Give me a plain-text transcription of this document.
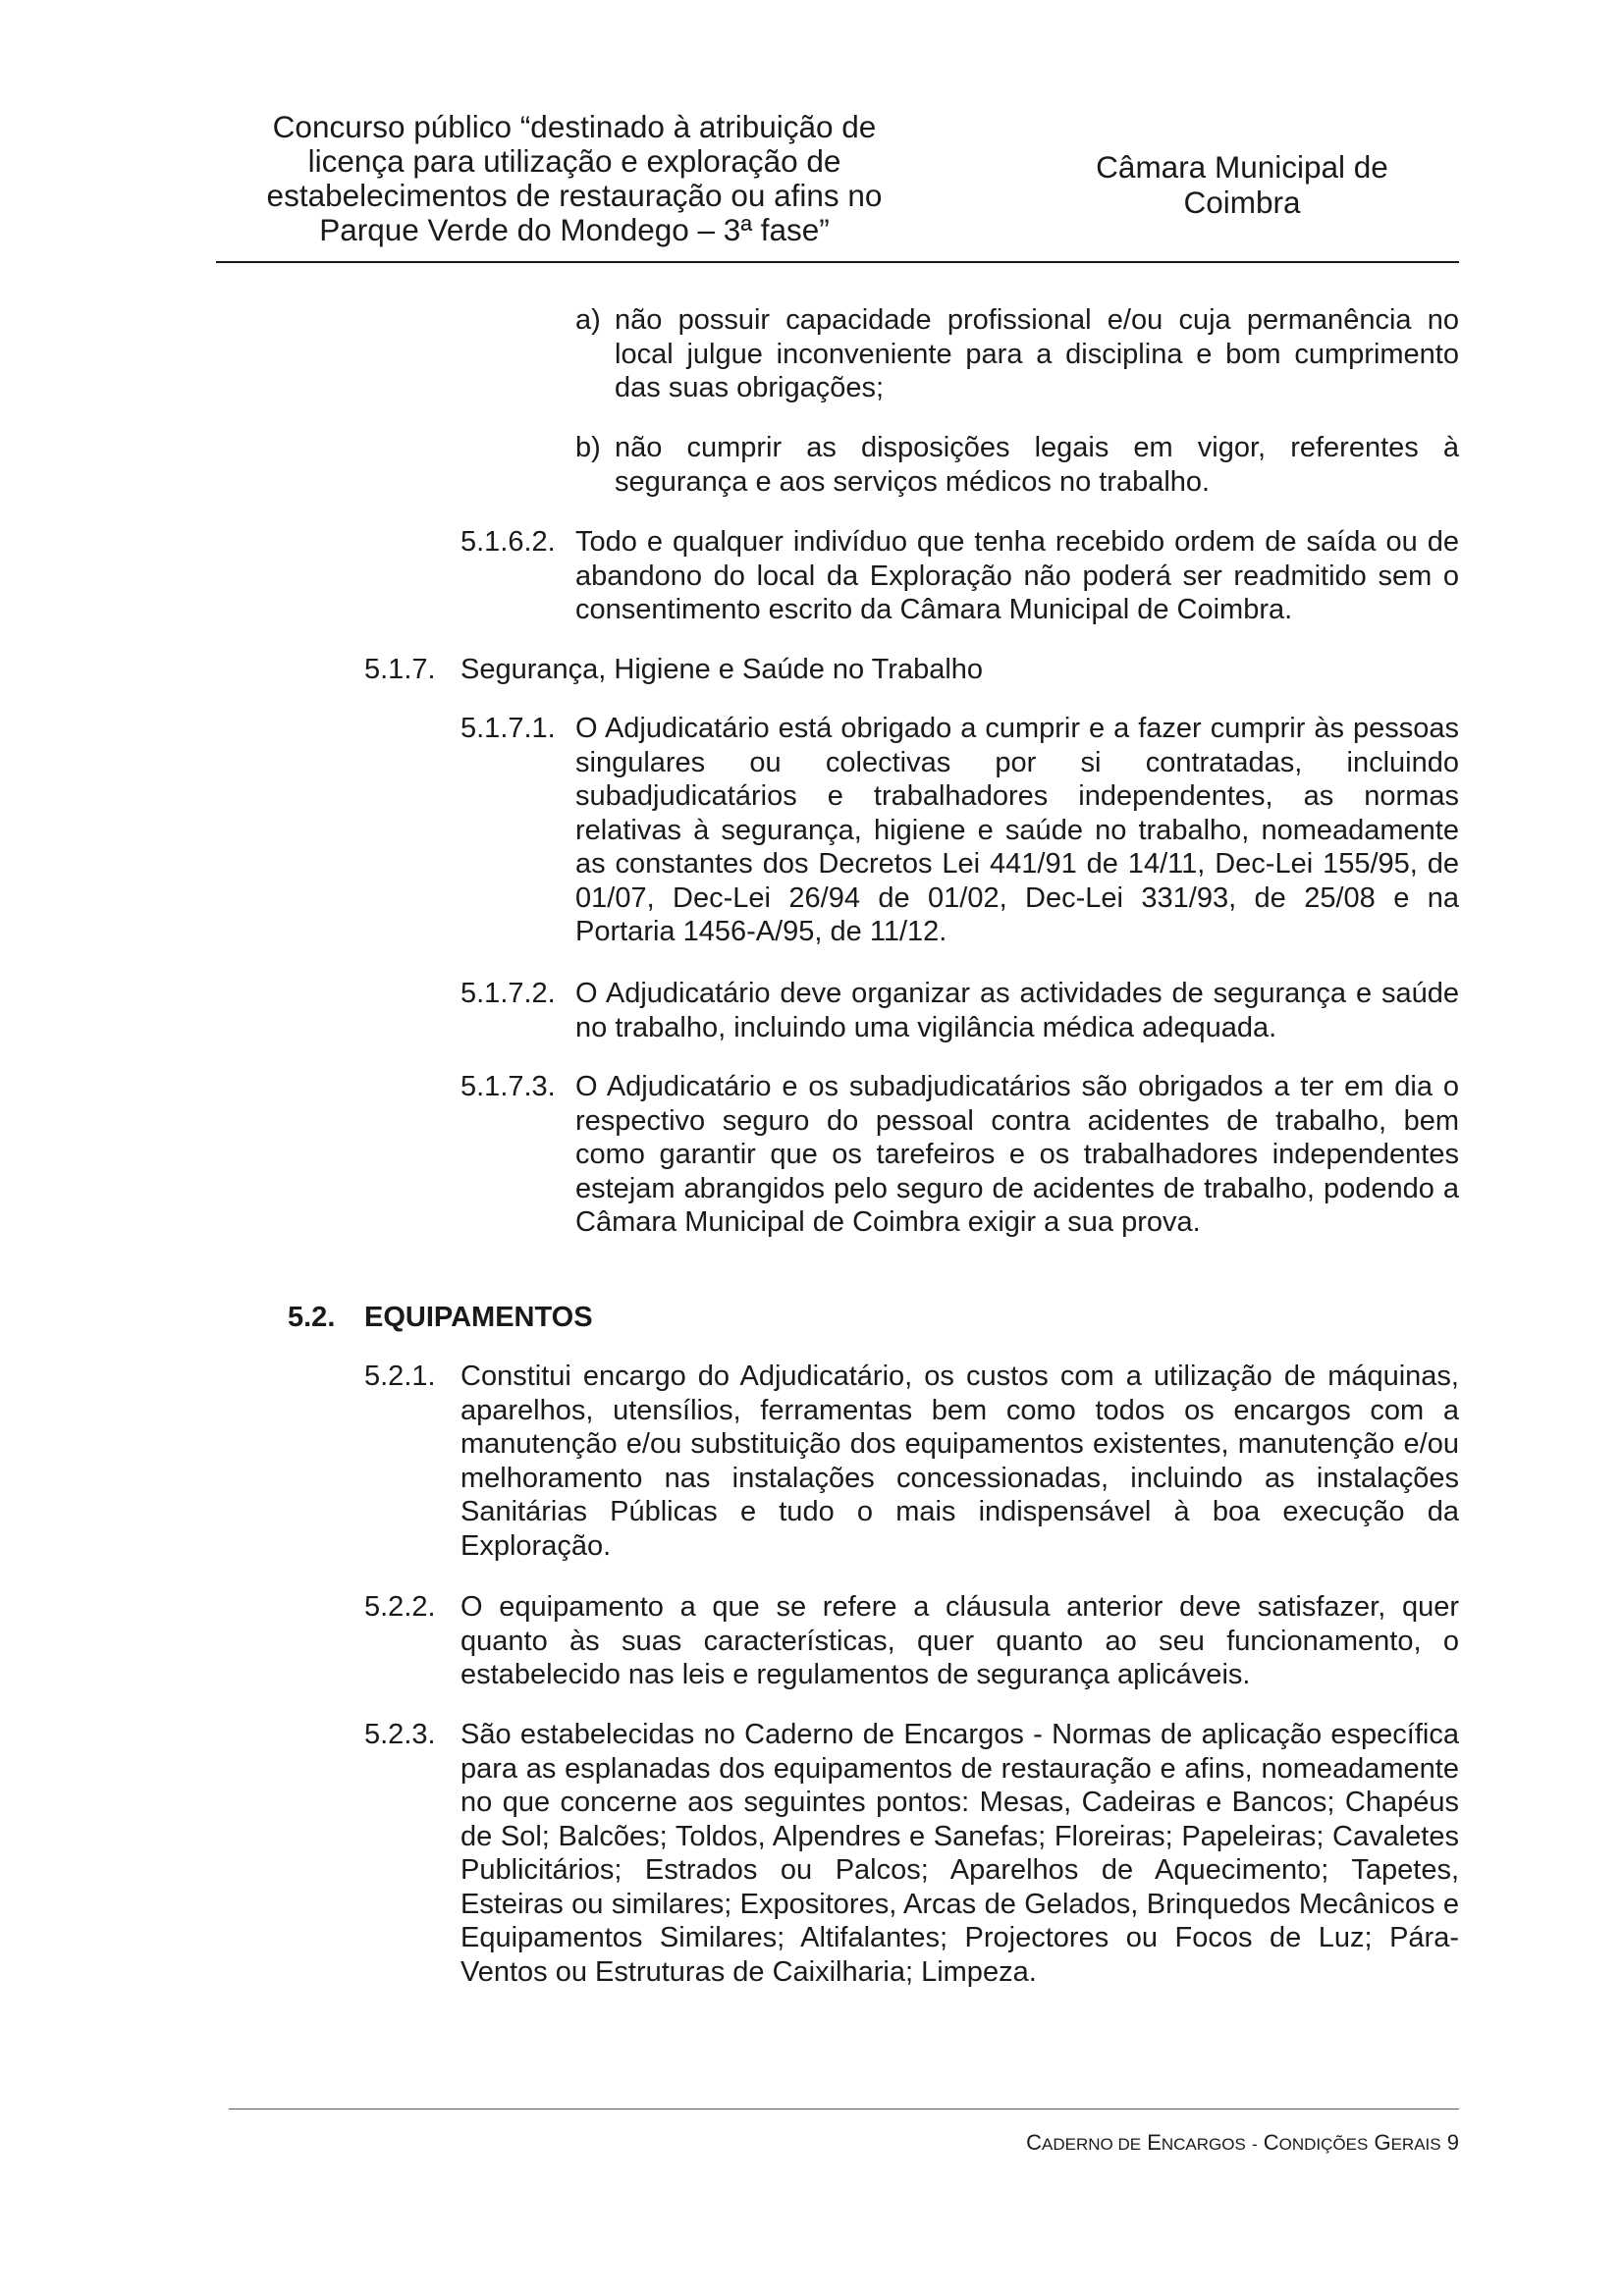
Concurso público “destinado à atribuição de
licença para utilização e exploração de
estabelecimentos de restauração ou afins no
Parque Verde do Mondego – 3ª fase”
Câmara Municipal de
Coimbra
a) não possuir capacidade profissional e/ou cuja permanência no local julgue inconveniente para a disciplina e bom cumprimento das suas obrigações;
b) não cumprir as disposições legais em vigor, referentes à segurança e aos serviços médicos no trabalho.
5.1.6.2. Todo e qualquer indivíduo que tenha recebido ordem de saída ou de abandono do local da Exploração não poderá ser readmitido sem o consentimento escrito da Câmara Municipal de Coimbra.
5.1.7. Segurança, Higiene e Saúde no Trabalho
5.1.7.1. O Adjudicatário está obrigado a cumprir e a fazer cumprir às pessoas singulares ou colectivas por si contratadas, incluindo subadjudicatários e trabalhadores independentes, as normas relativas à segurança, higiene e saúde no trabalho, nomeadamente as constantes dos Decretos Lei 441/91 de 14/11, Dec-Lei 155/95, de 01/07, Dec-Lei 26/94 de 01/02, Dec-Lei 331/93, de 25/08 e na Portaria 1456-A/95, de 11/12.
5.1.7.2. O Adjudicatário deve organizar as actividades de segurança e saúde no trabalho, incluindo uma vigilância médica adequada.
5.1.7.3. O Adjudicatário e os subadjudicatários são obrigados a ter em dia o respectivo seguro do pessoal contra acidentes de trabalho, bem como garantir que os tarefeiros e os trabalhadores independentes estejam abrangidos pelo seguro de acidentes de trabalho, podendo a Câmara Municipal de Coimbra exigir a sua prova.
5.2. EQUIPAMENTOS
5.2.1. Constitui encargo do Adjudicatário, os custos com a utilização de máquinas, aparelhos, utensílios, ferramentas bem como todos os encargos com a manutenção e/ou substituição dos equipamentos existentes, manutenção e/ou melhoramento nas instalações concessionadas, incluindo as instalações Sanitárias Públicas e tudo o mais indispensável à boa execução da Exploração.
5.2.2. O equipamento a que se refere a cláusula anterior deve satisfazer, quer quanto às suas características, quer quanto ao seu funcionamento, o estabelecido nas leis e regulamentos de segurança aplicáveis.
5.2.3. São estabelecidas no Caderno de Encargos - Normas de aplicação específica para as esplanadas dos equipamentos de restauração e afins, nomeadamente no que concerne aos seguintes pontos: Mesas, Cadeiras e Bancos; Chapéus de Sol; Balcões; Toldos, Alpendres e Sanefas; Floreiras; Papeleiras; Cavaletes Publicitários; Estrados ou Palcos; Aparelhos de Aquecimento; Tapetes, Esteiras ou similares; Expositores, Arcas de Gelados, Brinquedos Mecânicos e Equipamentos Similares; Altifalantes; Projectores ou Focos de Luz; Pára-Ventos ou Estruturas de Caixilharia; Limpeza.
CADERNO DE ENCARGOS - CONDIÇÕES GERAIS 9
